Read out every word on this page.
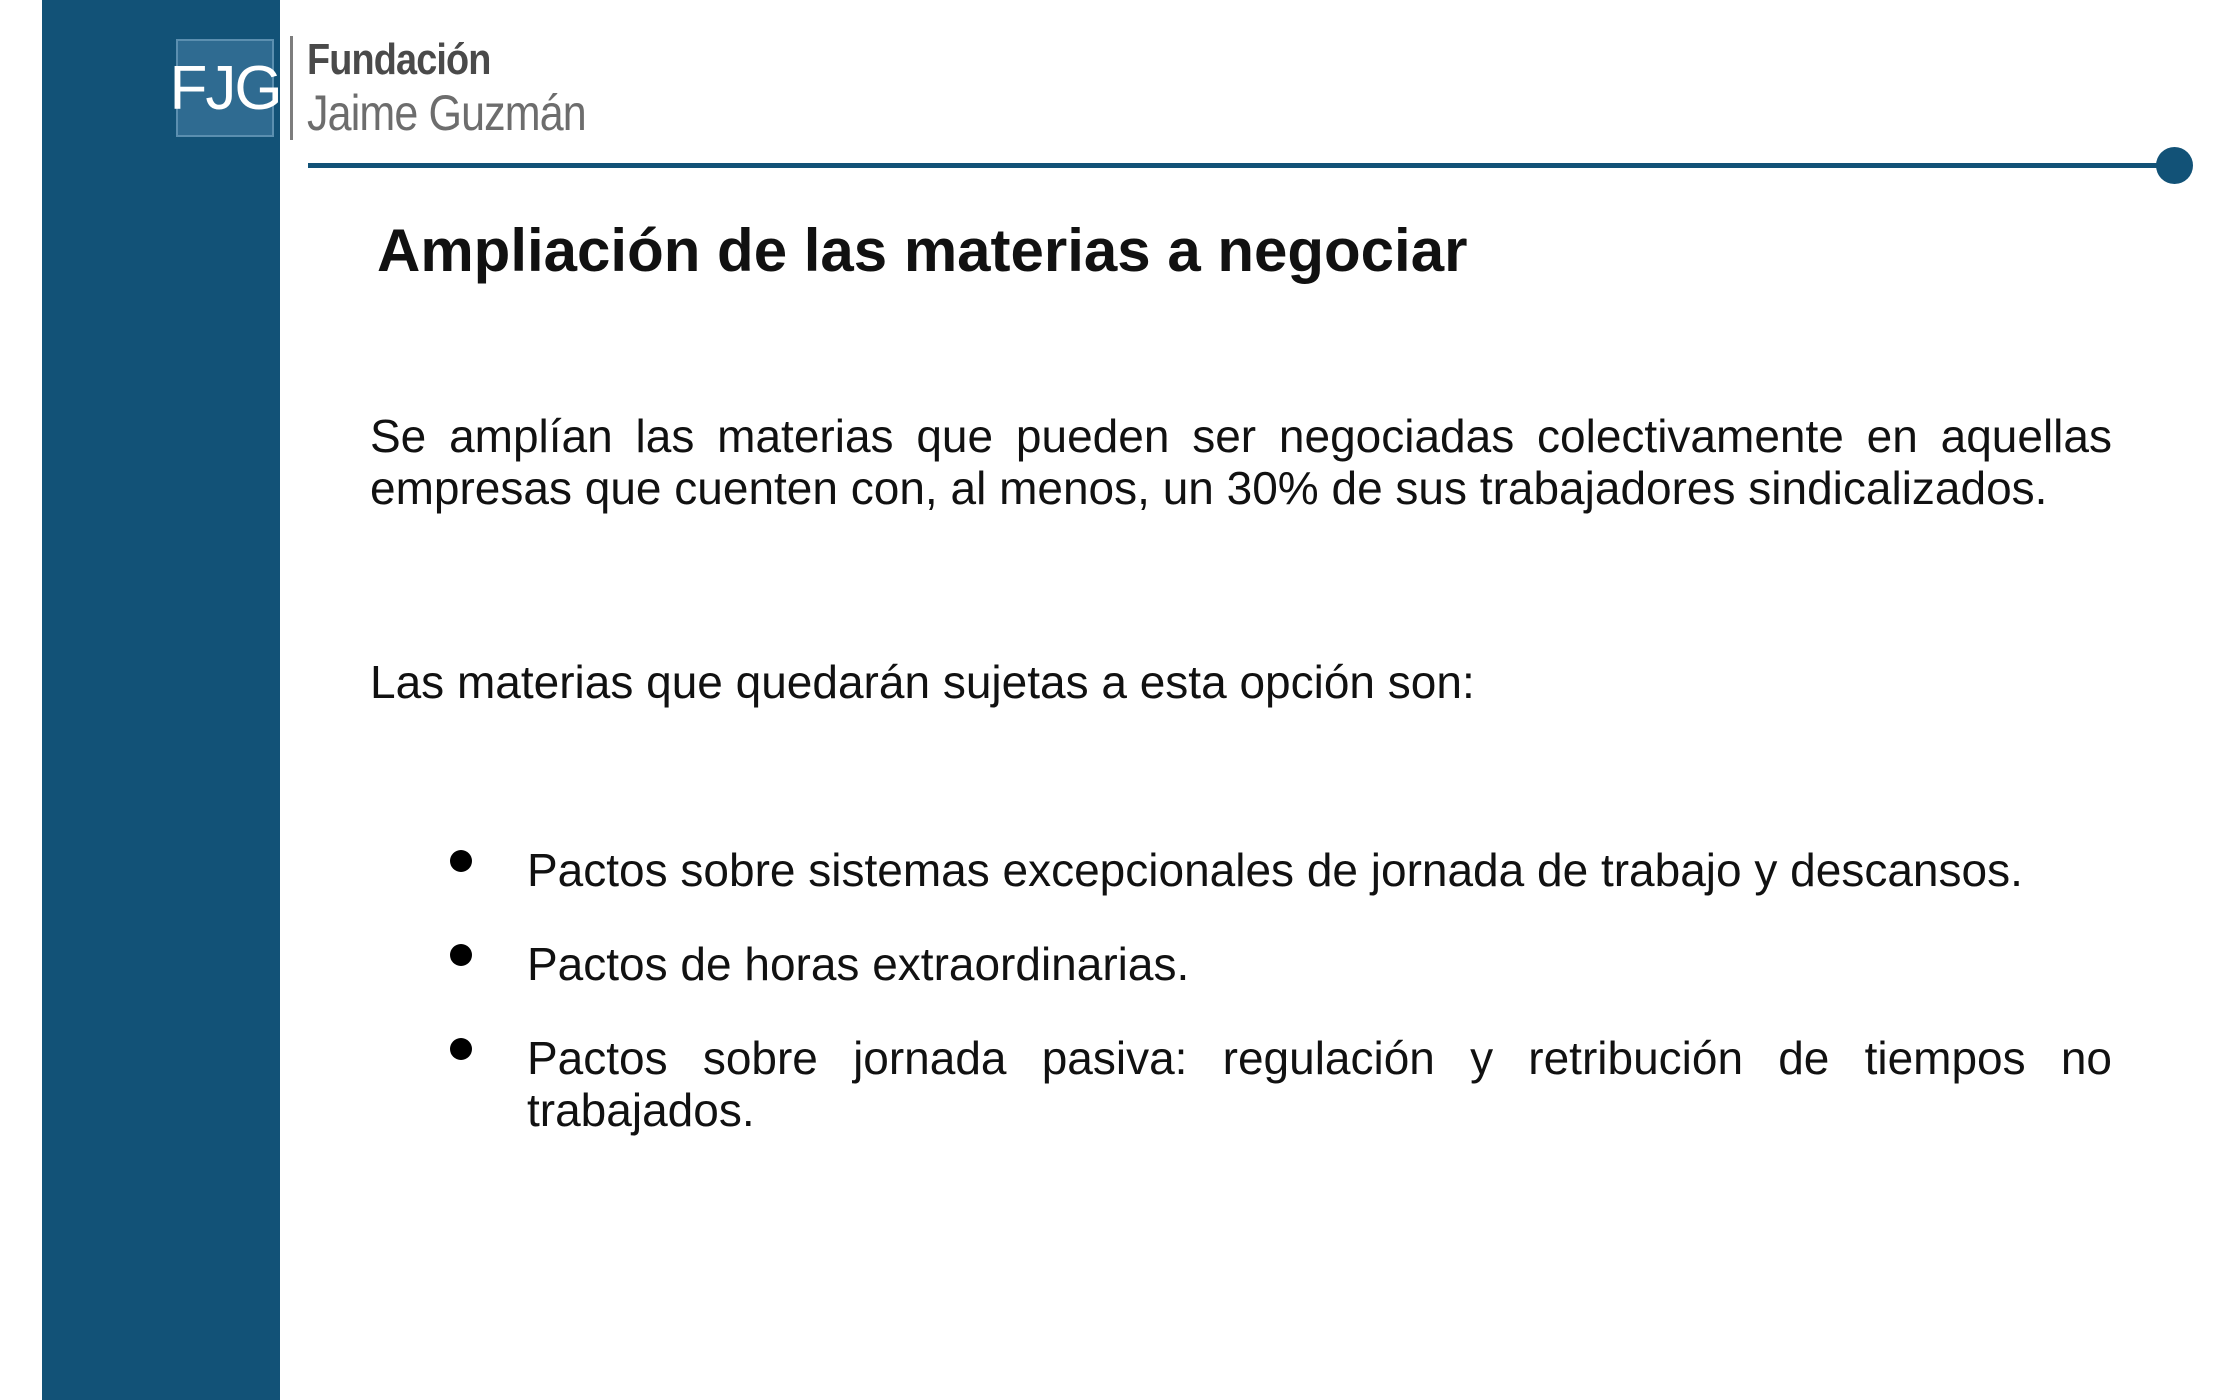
FJG Fundación
Jaime Guzmán
Ampliación de las materias a negociar

Se amplían las materias que pueden ser negociadas colectivamente en aquellas empresas que cuenten con, al menos, un 30% de sus trabajadores sindicalizados.

Las materias que quedarán sujetas a esta opción son:

Pactos sobre sistemas excepcionales de jornada de trabajo y descansos.
Pactos de horas extraordinarias.
Pactos sobre jornada pasiva: regulación y retribución de tiempos no trabajados.
